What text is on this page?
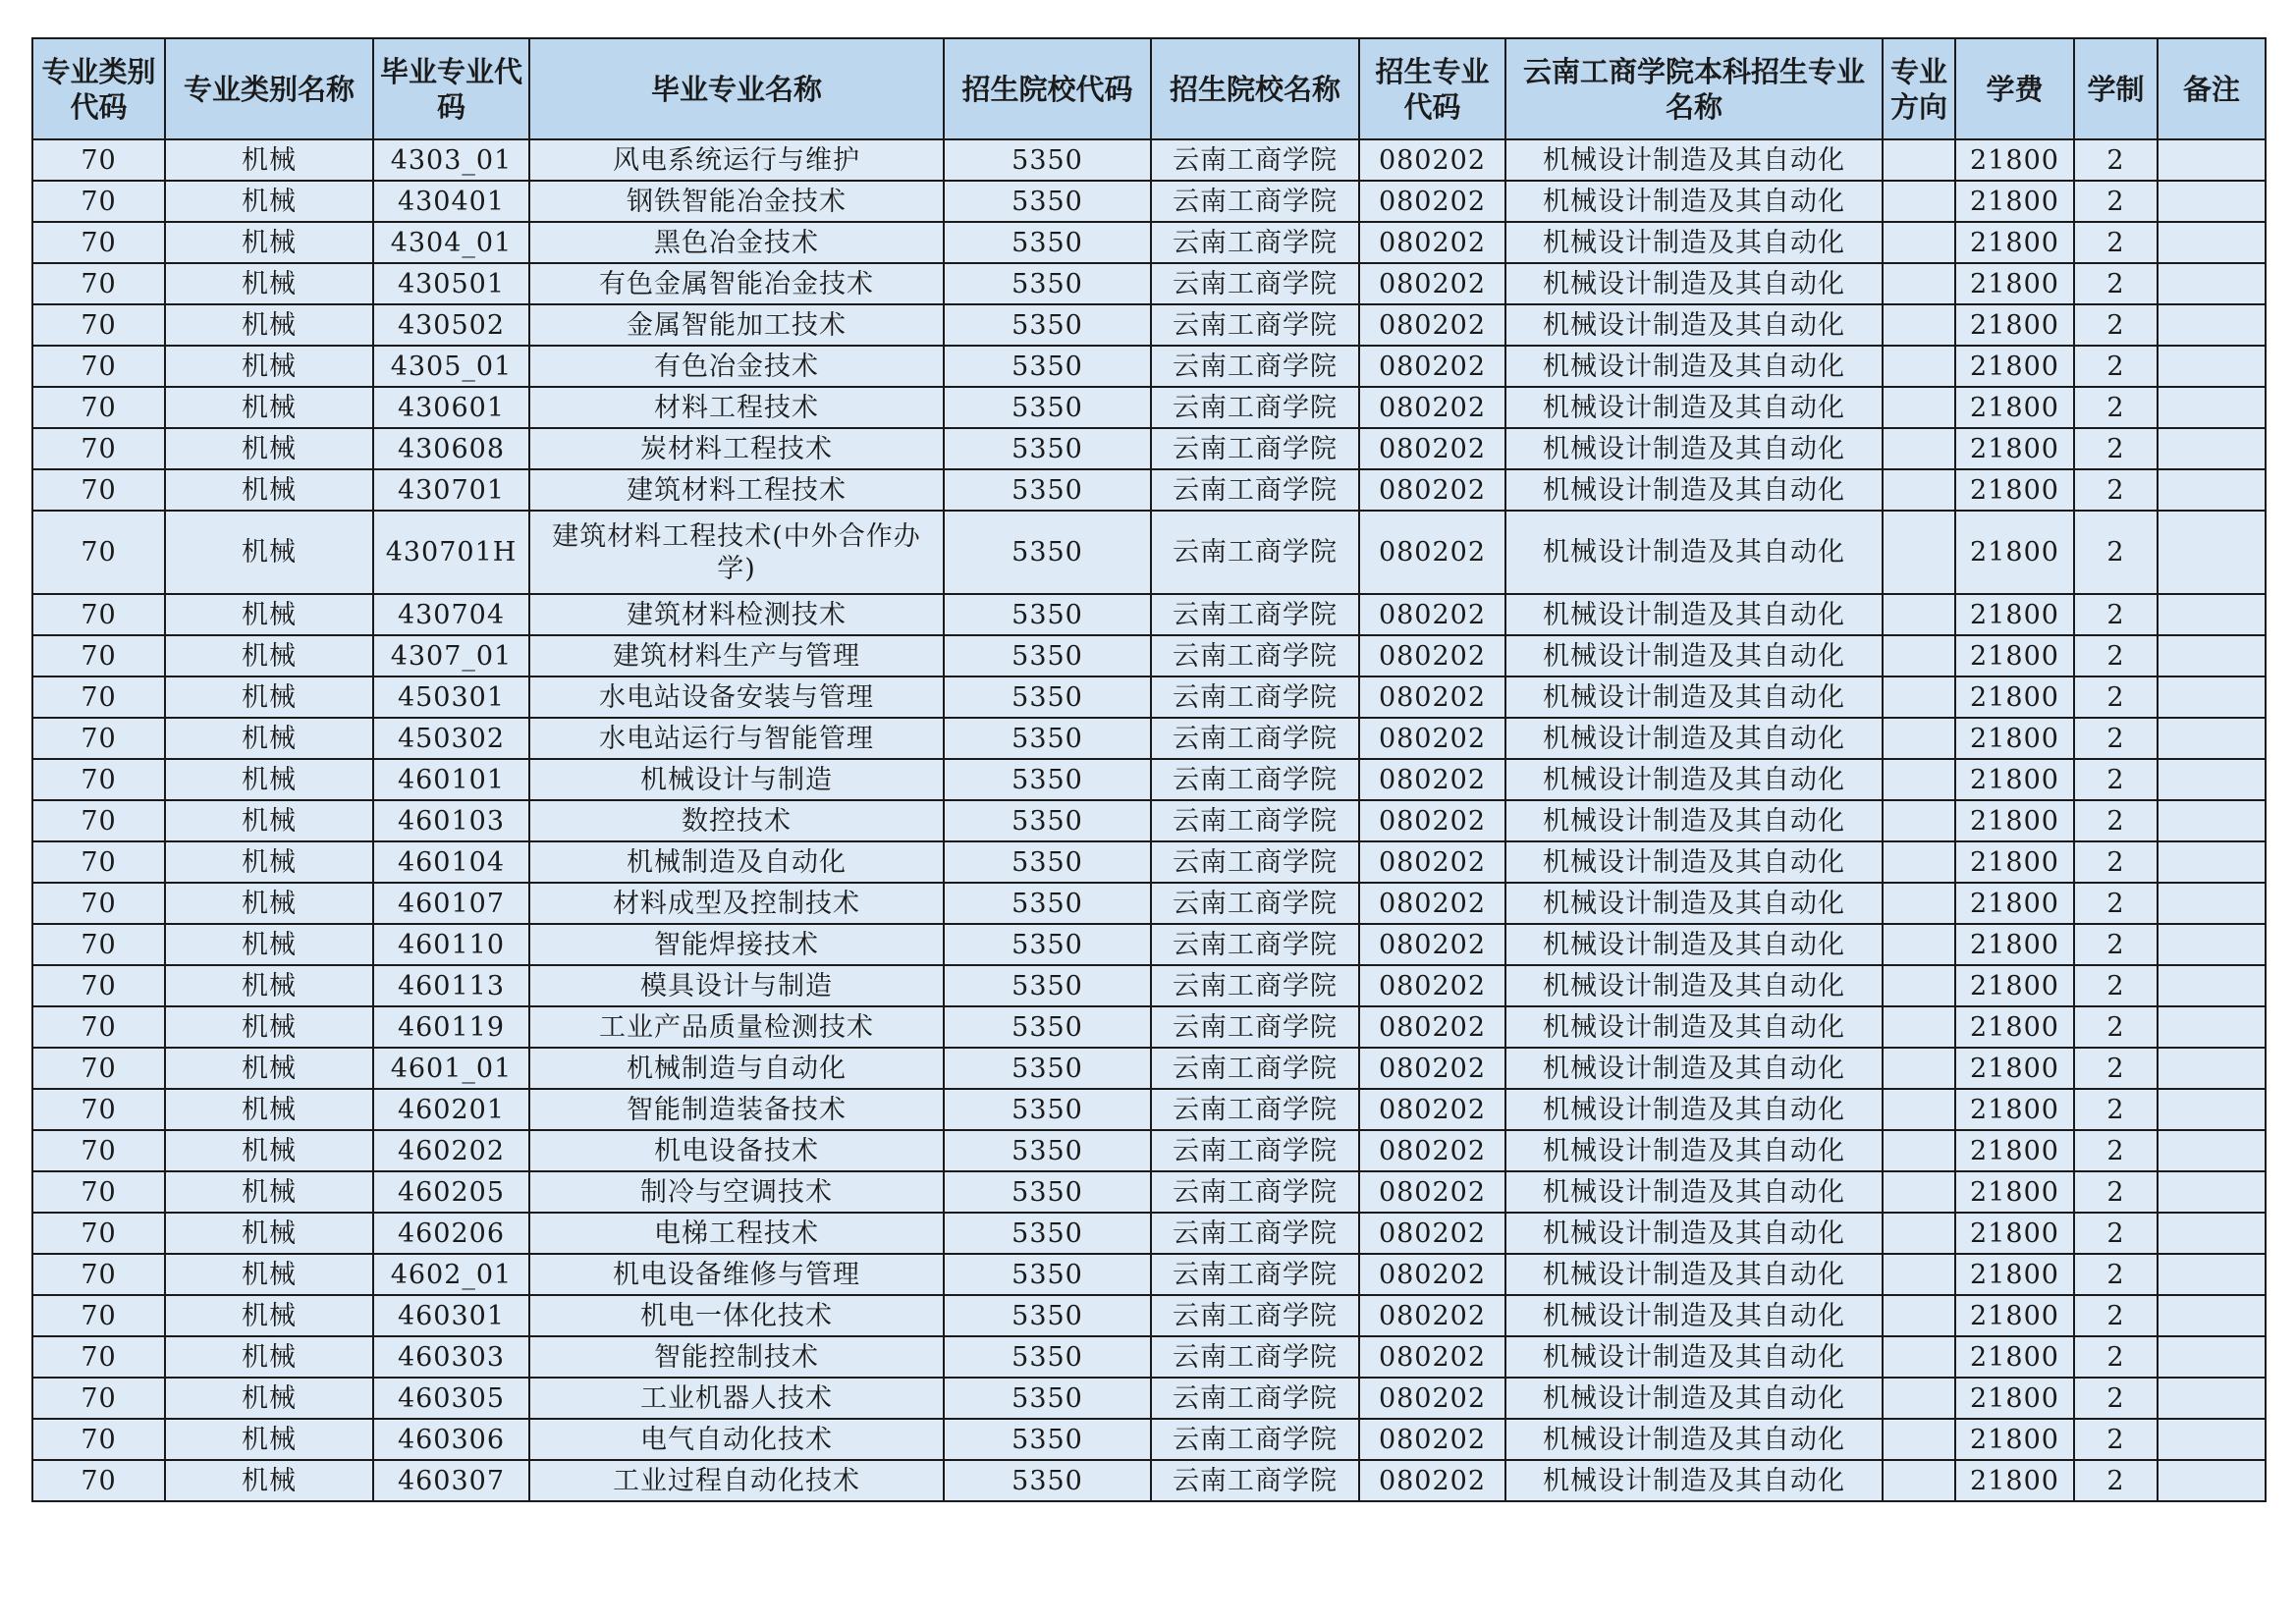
专业类别代码	专业类别名称	毕业专业代码	毕业专业名称	招生院校代码	招生院校名称	招生专业代码	云南工商学院本科招生专业名称	专业方向	学费	学制	备注
70	机械	4303_01	风电系统运行与维护	5350	云南工商学院	080202	机械设计制造及其自动化		21800	2	
70	机械	430401	钢铁智能冶金技术	5350	云南工商学院	080202	机械设计制造及其自动化		21800	2	
70	机械	4304_01	黑色冶金技术	5350	云南工商学院	080202	机械设计制造及其自动化		21800	2	
70	机械	430501	有色金属智能冶金技术	5350	云南工商学院	080202	机械设计制造及其自动化		21800	2	
70	机械	430502	金属智能加工技术	5350	云南工商学院	080202	机械设计制造及其自动化		21800	2	
70	机械	4305_01	有色冶金技术	5350	云南工商学院	080202	机械设计制造及其自动化		21800	2	
70	机械	430601	材料工程技术	5350	云南工商学院	080202	机械设计制造及其自动化		21800	2	
70	机械	430608	炭材料工程技术	5350	云南工商学院	080202	机械设计制造及其自动化		21800	2	
70	机械	430701	建筑材料工程技术	5350	云南工商学院	080202	机械设计制造及其自动化		21800	2	
70	机械	430701H	建筑材料工程技术(中外合作办学)	5350	云南工商学院	080202	机械设计制造及其自动化		21800	2	
70	机械	430704	建筑材料检测技术	5350	云南工商学院	080202	机械设计制造及其自动化		21800	2	
70	机械	4307_01	建筑材料生产与管理	5350	云南工商学院	080202	机械设计制造及其自动化		21800	2	
70	机械	450301	水电站设备安装与管理	5350	云南工商学院	080202	机械设计制造及其自动化		21800	2	
70	机械	450302	水电站运行与智能管理	5350	云南工商学院	080202	机械设计制造及其自动化		21800	2	
70	机械	460101	机械设计与制造	5350	云南工商学院	080202	机械设计制造及其自动化		21800	2	
70	机械	460103	数控技术	5350	云南工商学院	080202	机械设计制造及其自动化		21800	2	
70	机械	460104	机械制造及自动化	5350	云南工商学院	080202	机械设计制造及其自动化		21800	2	
70	机械	460107	材料成型及控制技术	5350	云南工商学院	080202	机械设计制造及其自动化		21800	2	
70	机械	460110	智能焊接技术	5350	云南工商学院	080202	机械设计制造及其自动化		21800	2	
70	机械	460113	模具设计与制造	5350	云南工商学院	080202	机械设计制造及其自动化		21800	2	
70	机械	460119	工业产品质量检测技术	5350	云南工商学院	080202	机械设计制造及其自动化		21800	2	
70	机械	4601_01	机械制造与自动化	5350	云南工商学院	080202	机械设计制造及其自动化		21800	2	
70	机械	460201	智能制造装备技术	5350	云南工商学院	080202	机械设计制造及其自动化		21800	2	
70	机械	460202	机电设备技术	5350	云南工商学院	080202	机械设计制造及其自动化		21800	2	
70	机械	460205	制冷与空调技术	5350	云南工商学院	080202	机械设计制造及其自动化		21800	2	
70	机械	460206	电梯工程技术	5350	云南工商学院	080202	机械设计制造及其自动化		21800	2	
70	机械	4602_01	机电设备维修与管理	5350	云南工商学院	080202	机械设计制造及其自动化		21800	2	
70	机械	460301	机电一体化技术	5350	云南工商学院	080202	机械设计制造及其自动化		21800	2	
70	机械	460303	智能控制技术	5350	云南工商学院	080202	机械设计制造及其自动化		21800	2	
70	机械	460305	工业机器人技术	5350	云南工商学院	080202	机械设计制造及其自动化		21800	2	
70	机械	460306	电气自动化技术	5350	云南工商学院	080202	机械设计制造及其自动化		21800	2	
70	机械	460307	工业过程自动化技术	5350	云南工商学院	080202	机械设计制造及其自动化		21800	2	
